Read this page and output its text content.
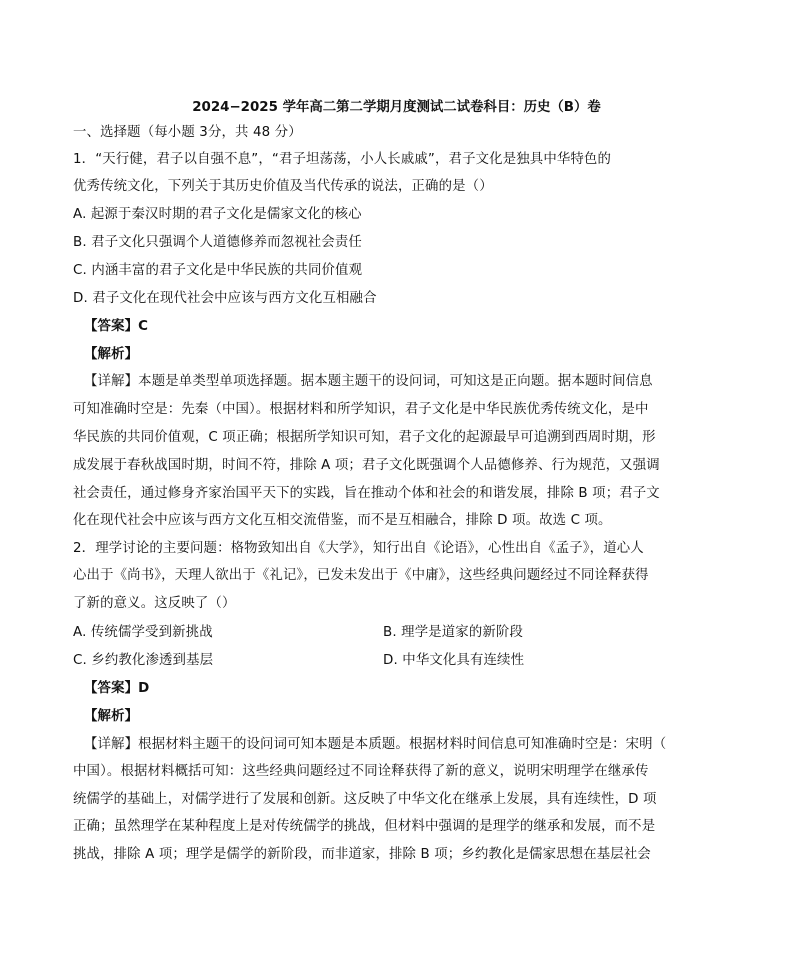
2024−2025 学年高二第二学期月度测试二试卷科目：历史（B）卷
一、选择题（每小题 3分，共 48 分）
1．“天行健，君子以自强不息”，“君子坦荡荡，小人长戚戚”，君子文化是独具中华特色的
优秀传统文化，下列关于其历史价值及当代传承的说法，正确的是（）
A. 起源于秦汉时期的君子文化是儒家文化的核心
B. 君子文化只强调个人道德修养而忽视社会责任
C. 内涵丰富的君子文化是中华民族的共同价值观
D. 君子文化在现代社会中应该与西方文化互相融合
【答案】C
【解析】
【详解】本题是单类型单项选择题。据本题主题干的设问词，可知这是正向题。据本题时间信息
可知准确时空是：先秦（中国）。根据材料和所学知识，君子文化是中华民族优秀传统文化，是中
华民族的共同价值观，C 项正确；根据所学知识可知，君子文化的起源最早可追溯到西周时期，形
成发展于春秋战国时期，时间不符，排除 A 项；君子文化既强调个人品德修养、行为规范，又强调
社会责任，通过修身齐家治国平天下的实践，旨在推动个体和社会的和谐发展，排除 B 项；君子文
化在现代社会中应该与西方文化互相交流借鉴，而不是互相融合，排除 D 项。故选 C 项。
2．理学讨论的主要问题：格物致知出自《大学》，知行出自《论语》，心性出自《孟子》，道心人
心出于《尚书》，天理人欲出于《礼记》，已发未发出于《中庸》，这些经典问题经过不同诠释获得
了新的意义。这反映了（）
A. 传统儒学受到新挑战	B. 理学是道家的新阶段
C. 乡约教化渗透到基层	D. 中华文化具有连续性
【答案】D
【解析】
【详解】根据材料主题干的设问词可知本题是本质题。根据材料时间信息可知准确时空是：宋明（
中国）。根据材料概括可知：这些经典问题经过不同诠释获得了新的意义，说明宋明理学在继承传
统儒学的基础上，对儒学进行了发展和创新。这反映了中华文化在继承上发展，具有连续性，D 项
正确；虽然理学在某种程度上是对传统儒学的挑战，但材料中强调的是理学的继承和发展，而不是
挑战，排除 A 项；理学是儒学的新阶段，而非道家，排除 B 项；乡约教化是儒家思想在基层社会
